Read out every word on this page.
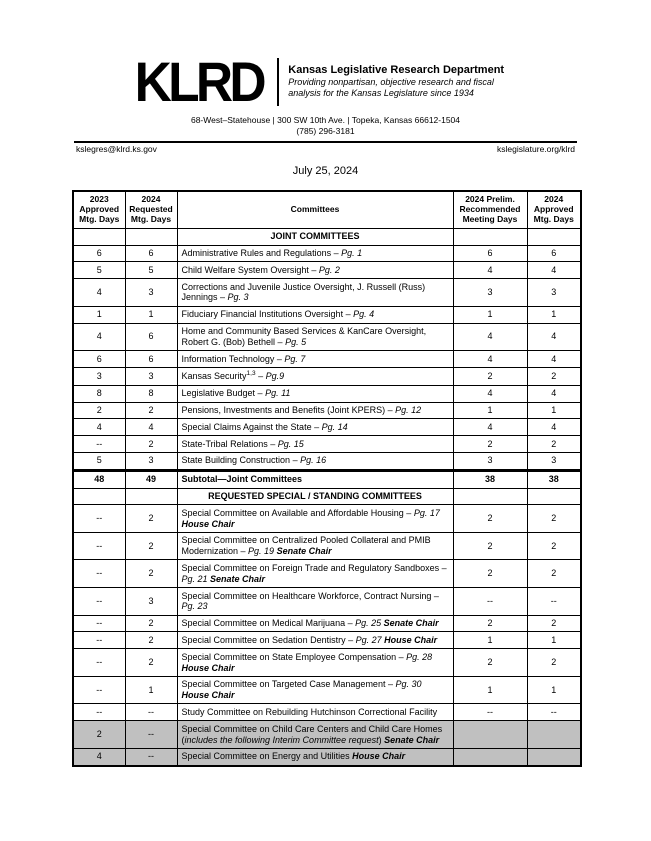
KLRD Kansas Legislative Research Department
Providing nonpartisan, objective research and fiscal
analysis for the Kansas Legislature since 1934
68-West–Statehouse | 300 SW 10th Ave. | Topeka, Kansas 66612-1504
(785) 296-3181
kslegres@klrd.ks.gov	kslegislature.org/klrd
July 25, 2024
2023 Approved Mtg. Days	2024 Requested Mtg. Days	Committees	2024 Prelim. Recommended Meeting Days	2024 Approved Mtg. Days
		JOINT COMMITTEES		
6	6	Administrative Rules and Regulations – Pg. 1	6	6
5	5	Child Welfare System Oversight – Pg. 2	4	4
4	3	Corrections and Juvenile Justice Oversight, J. Russell (Russ) Jennings – Pg. 3	3	3
1	1	Fiduciary Financial Institutions Oversight – Pg. 4	1	1
4	6	Home and Community Based Services & KanCare Oversight, Robert G. (Bob) Bethell – Pg. 5	4	4
6	6	Information Technology – Pg. 7	4	4
3	3	Kansas Security$^{1,3}$ – Pg.9	2	2
8	8	Legislative Budget – Pg. 11	4	4
2	2	Pensions, Investments and Benefits (Joint KPERS) – Pg. 12	1	1
4	4	Special Claims Against the State – Pg. 14	4	4
--	2	State-Tribal Relations – Pg. 15	2	2
5	3	State Building Construction – Pg. 16	3	3
48	49	Subtotal—Joint Committees	38	38
		REQUESTED SPECIAL / STANDING COMMITTEES		
--	2	Special Committee on Available and Affordable Housing – Pg. 17 House Chair	2	2
--	2	Special Committee on Centralized Pooled Collateral and PMIB Modernization – Pg. 19 Senate Chair	2	2
--	2	Special Committee on Foreign Trade and Regulatory Sandboxes – Pg. 21 Senate Chair	2	2
--	3	Special Committee on Healthcare Workforce, Contract Nursing – Pg. 23	--	--
--	2	Special Committee on Medical Marijuana – Pg. 25 Senate Chair	2	2
--	2	Special Committee on Sedation Dentistry – Pg. 27 House Chair	1	1
--	2	Special Committee on State Employee Compensation – Pg. 28 House Chair	2	2
--	1	Special Committee on Targeted Case Management – Pg. 30 House Chair	1	1
--	--	Study Committee on Rebuilding Hutchinson Correctional Facility	--	--
2	--	Special Committee on Child Care Centers and Child Care Homes (includes the following Interim Committee request) Senate Chair		
4	--	Special Committee on Energy and Utilities House Chair		
